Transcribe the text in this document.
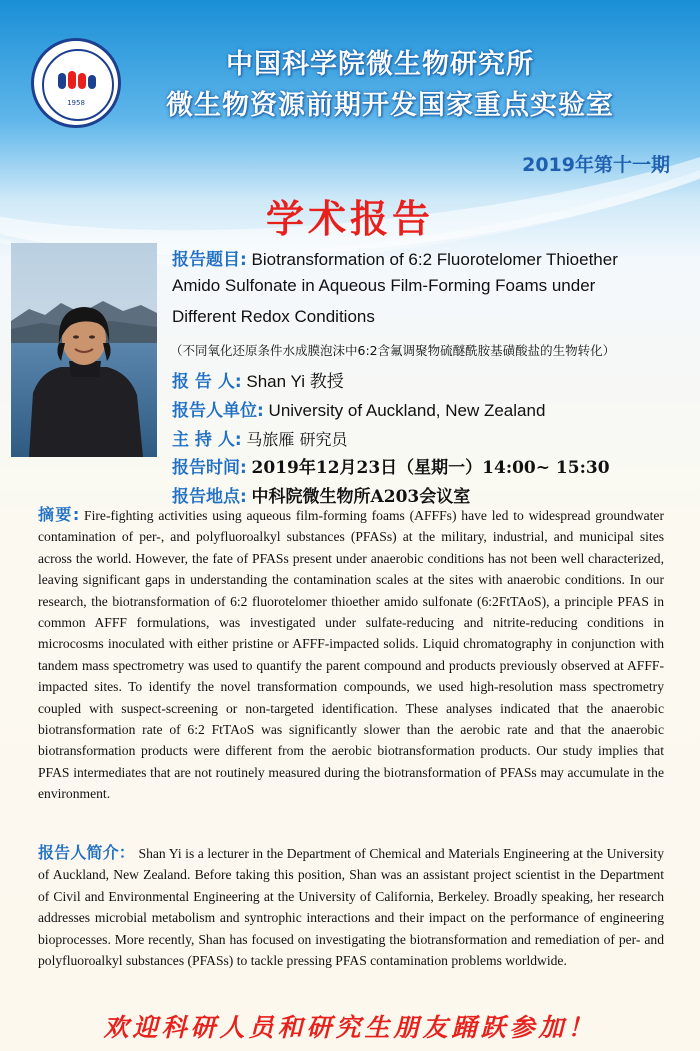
1958
中国科学院微生物研究所
微生物资源前期开发国家重点实验室
2019年第十一期
学术报告
报告题目: Biotransformation of 6:2 Fluorotelomer Thioether
Amido Sulfonate in Aqueous Film-Forming Foams under
Different Redox Conditions
（不同氧化还原条件水成膜泡沫中6:2含氟调聚物硫醚酰胺基磺酸盐的生物转化）
报 告 人: Shan Yi 教授
报告人单位: University of Auckland, New Zealand
主 持 人: 马旅雁 研究员
报告时间: 2019年12月23日（星期一）14:00~ 15:30
报告地点: 中科院微生物所A203会议室
摘要: Fire-fighting activities using aqueous film-forming foams (AFFFs) have led to widespread groundwater contamination of per-, and polyfluoroalkyl substances (PFASs) at the military, industrial, and municipal sites across the world. However, the fate of PFASs present under anaerobic conditions has not been well characterized, leaving significant gaps in understanding the contamination scales at the sites with anaerobic conditions. In our research, the biotransformation of 6:2 fluorotelomer thioether amido sulfonate (6:2FtTAoS), a principle PFAS in common AFFF formulations, was investigated under sulfate-reducing and nitrite-reducing conditions in microcosms inoculated with either pristine or AFFF-impacted solids. Liquid chromatography in conjunction with tandem mass spectrometry was used to quantify the parent compound and products previously observed at AFFF-impacted sites. To identify the novel transformation compounds, we used high-resolution mass spectrometry coupled with suspect-screening or non-targeted identification. These analyses indicated that the anaerobic biotransformation rate of 6:2 FtTAoS was significantly slower than the aerobic rate and that the anaerobic biotransformation products were different from the aerobic biotransformation products. Our study implies that PFAS intermediates that are not routinely measured during the biotransformation of PFASs may accumulate in the environment.
报告人简介： Shan Yi is a lecturer in the Department of Chemical and Materials Engineering at the University of Auckland, New Zealand. Before taking this position, Shan was an assistant project scientist in the Department of Civil and Environmental Engineering at the University of California, Berkeley. Broadly speaking, her research addresses microbial metabolism and syntrophic interactions and their impact on the performance of engineering bioprocesses. More recently, Shan has focused on investigating the biotransformation and remediation of per- and polyfluoroalkyl substances (PFASs) to tackle pressing PFAS contamination problems worldwide.
欢迎科研人员和研究生朋友踊跃参加！
